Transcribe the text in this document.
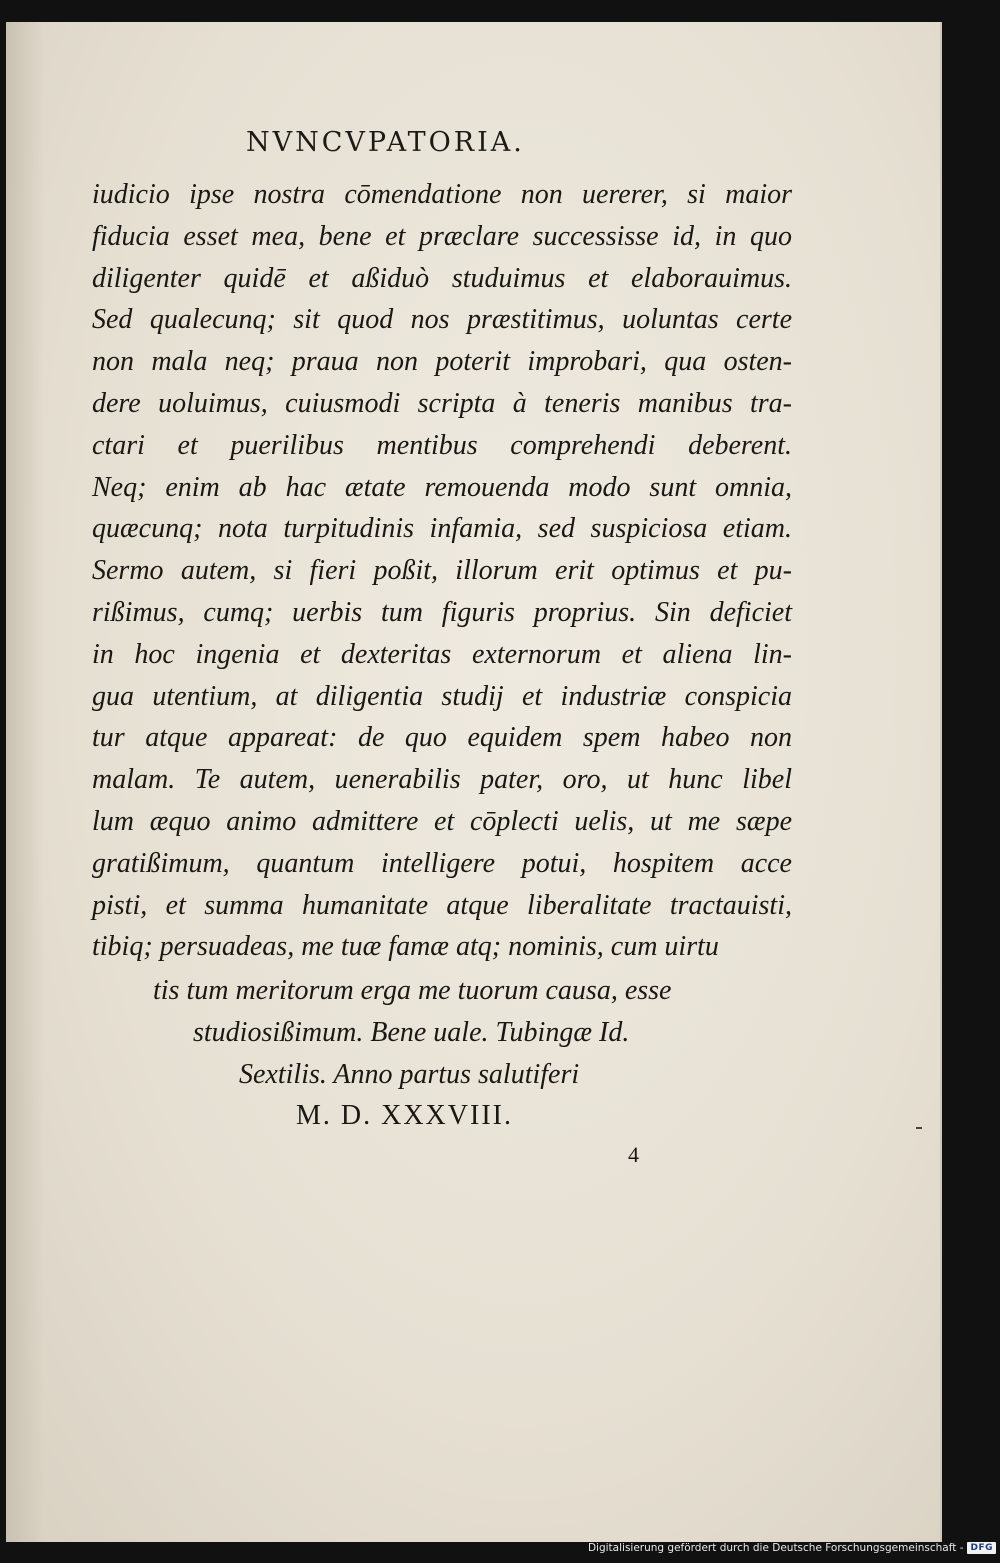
NVNCVPATORIA.
iudicio ipse nostra cōmendatione non uererer, si maior
fiducia esset mea, bene et præclare successisse id, in quo
diligenter quidē et aßiduò studuimus et elaborauimus.
Sed qualecunq; sit quod nos præstitimus, uoluntas certe
non mala neq; praua non poterit improbari, qua osten-
dere uoluimus, cuiusmodi scripta à teneris manibus tra-
ctari et puerilibus mentibus comprehendi deberent.
Neq; enim ab hac ætate remouenda modo sunt omnia,
quæcunq; nota turpitudinis infamia, sed suspiciosa etiam.
Sermo autem, si fieri poßit, illorum erit optimus et pu-
rißimus, cumq; uerbis tum figuris proprius. Sin deficiet
in hoc ingenia et dexteritas externorum et aliena lin-
gua utentium, at diligentia studij et industriæ conspicia
tur atque appareat: de quo equidem spem habeo non
malam. Te autem, uenerabilis pater, oro, ut hunc libel
lum æquo animo admittere et cōplecti uelis, ut me sæpe
gratißimum, quantum intelligere potui, hospitem acce
pisti, et summa humanitate atque liberalitate tractauisti,
tibiq; persuadeas, me tuæ famæ atq; nominis, cum uirtu
tis tum meritorum erga me tuorum causa, esse
studiosißimum. Bene uale. Tubingæ Id.
Sextilis. Anno partus salutiferi
M. D. XXXVIII.
4
Digitalisierung gefördert durch die Deutsche Forschungsgemeinschaft - DFG
